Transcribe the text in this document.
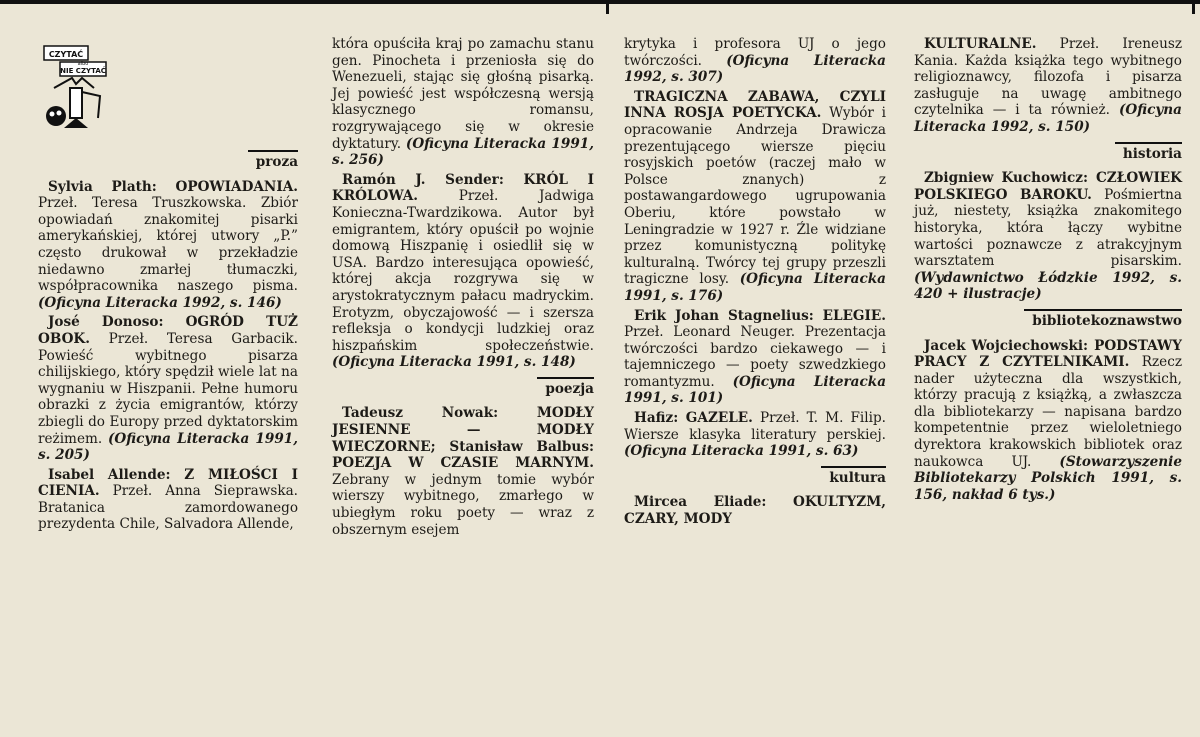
CZYTAĆ
albo
NIE CZYTAĆ
proza

Sylvia Plath: OPOWIADANIA. Przeł. Teresa Truszkowska. Zbiór opowiadań znakomitej pisarki amerykańskiej, której utwory „P.” często drukował w przekładzie niedawno zmarłej tłumaczki, współpracownika naszego pisma. (Oficyna Literacka 1992, s. 146)

José Donoso: OGRÓD TUŻ OBOK. Przeł. Teresa Garbacik. Powieść wybitnego pisarza chilijskiego, który spędził wiele lat na wygnaniu w Hiszpanii. Pełne humoru obrazki z życia emigrantów, którzy zbiegli do Europy przed dyktatorskim reżimem. (Oficyna Literacka 1991, s. 205)

Isabel Allende: Z MIŁOŚCI I CIENIA. Przeł. Anna Sieprawska. Bratanica zamordowanego prezydenta Chile, Salvadora Allende,

która opuściła kraj po zamachu stanu gen. Pinocheta i przeniosła się do Wenezueli, stając się głośną pisarką. Jej powieść jest współczesną wersją klasycznego romansu, rozgrywającego się w okresie dyktatury. (Oficyna Literacka 1991, s. 256)

Ramón J. Sender: KRÓL I KRÓLOWA. Przeł. Jadwiga Konieczna-Twardzikowa. Autor był emigrantem, który opuścił po wojnie domową Hiszpanię i osiedlił się w USA. Bardzo interesująca opowieść, której akcja rozgrywa się w arystokratycznym pałacu madryckim. Erotyzm, obyczajowość — i szersza refleksja o kondycji ludzkiej oraz hiszpańskim społeczeństwie. (Oficyna Literacka 1991, s. 148)

poezja

Tadeusz Nowak: MODŁY JESIENNE — MODŁY WIECZORNE; Stanisław Balbus: POEZJA W CZASIE MARNYM. Zebrany w jednym tomie wybór wierszy wybitnego, zmarłego w ubiegłym roku poety — wraz z obszernym esejem

krytyka i profesora UJ o jego twórczości. (Oficyna Literacka 1992, s. 307)

TRAGICZNA ZABAWA, CZYLI INNA ROSJA POETYCKA. Wybór i opracowanie Andrzeja Drawicza prezentującego wiersze pięciu rosyjskich poetów (raczej mało w Polsce znanych) z postawangardowego ugrupowania Oberiu, które powstało w Leningradzie w 1927 r. Źle widziane przez komunistyczną politykę kulturalną. Twórcy tej grupy przeszli tragiczne losy. (Oficyna Literacka 1991, s. 176)

Erik Johan Stagnelius: ELEGIE. Przeł. Leonard Neuger. Prezentacja twórczości bardzo ciekawego — i tajemniczego — poety szwedzkiego romantyzmu. (Oficyna Literacka 1991, s. 101)

Hafiz: GAZELE. Przeł. T. M. Filip. Wiersze klasyka literatury perskiej. (Oficyna Literacka 1991, s. 63)

kultura

Mircea Eliade: OKULTYZM, CZARY, MODY

KULTURALNE. Przeł. Ireneusz Kania. Każda książka tego wybitnego religioznawcy, filozofa i pisarza zasługuje na uwagę ambitnego czytelnika — i ta również. (Oficyna Literacka 1992, s. 150)

historia

Zbigniew Kuchowicz: CZŁOWIEK POLSKIEGO BAROKU. Pośmiertna już, niestety, książka znakomitego historyka, która łączy wybitne wartości poznawcze z atrakcyjnym warsztatem pisarskim. (Wydawnictwo Łódzkie 1992, s. 420 + ilustracje)

bibliotekoznawstwo

Jacek Wojciechowski: PODSTAWY PRACY Z CZYTELNIKAMI. Rzecz nader użyteczna dla wszystkich, którzy pracują z książką, a zwłaszcza dla bibliotekarzy — napisana bardzo kompetentnie przez wieloletniego dyrektora krakowskich bibliotek oraz naukowca UJ. (Stowarzyszenie Bibliotekarzy Polskich 1991, s. 156, nakład 6 tys.)
